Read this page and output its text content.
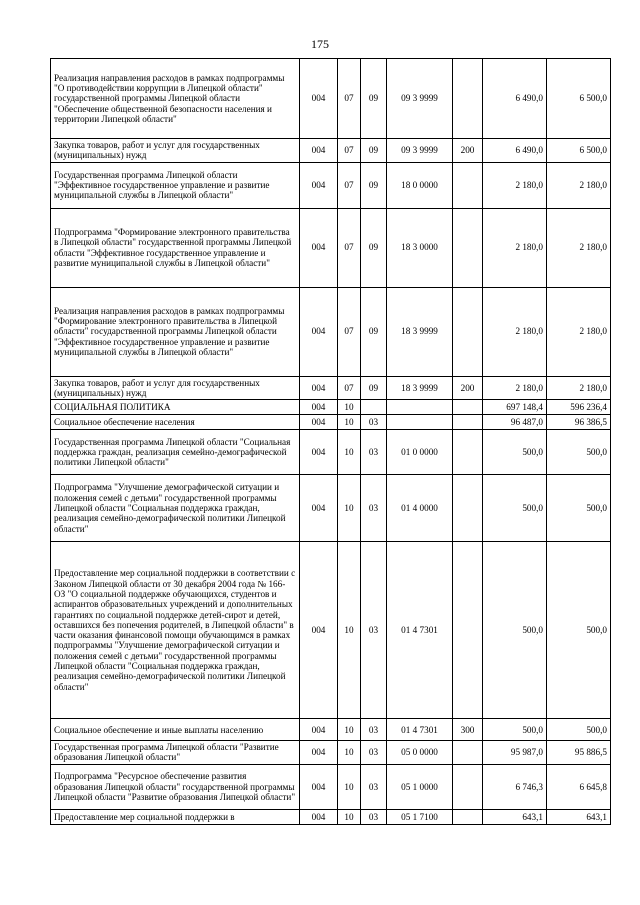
175
Реализация направления расходов в рамках подпрограммы "О противодействии коррупции в Липецкой области" государственной программы Липецкой области "Обеспечение общественной безопасности населения и территории Липецкой области"	004	07	09	09 3 9999		6 490,0	6 500,0
Закупка товаров, работ и услуг для государственных (муниципальных) нужд	004	07	09	09 3 9999	200	6 490,0	6 500,0
Государственная программа Липецкой области "Эффективное государственное управление и развитие муниципальной службы в Липецкой области"	004	07	09	18 0 0000		2 180,0	2 180,0
Подпрограмма "Формирование электронного правительства в Липецкой области" государственной программы Липецкой области "Эффективное государственное управление и развитие муниципальной службы в Липецкой области"	004	07	09	18 3 0000		2 180,0	2 180,0
Реализация направления расходов в рамках подпрограммы "Формирование электронного правительства в Липецкой области" государственной программы Липецкой области "Эффективное государственное управление и развитие муниципальной службы в Липецкой области"	004	07	09	18 3 9999		2 180,0	2 180,0
Закупка товаров, работ и услуг для государственных (муниципальных) нужд	004	07	09	18 3 9999	200	2 180,0	2 180,0
СОЦИАЛЬНАЯ ПОЛИТИКА	004	10				697 148,4	596 236,4
Социальное обеспечение населения	004	10	03			96 487,0	96 386,5
Государственная программа Липецкой области "Социальная поддержка граждан, реализация семейно-демографической политики Липецкой области"	004	10	03	01 0 0000		500,0	500,0
Подпрограмма "Улучшение демографической ситуации и положения семей с детьми" государственной программы Липецкой области "Социальная поддержка граждан, реализация семейно-демографической политики Липецкой области"	004	10	03	01 4 0000		500,0	500,0
Предоставление мер социальной поддержки в соответствии с Законом Липецкой области от 30 декабря 2004 года № 166-ОЗ "О социальной поддержке обучающихся, студентов и аспирантов образовательных учреждений и дополнительных гарантиях по социальной поддержке детей-сирот и детей, оставшихся без попечения родителей, в Липецкой области" в части оказания финансовой помощи обучающимся в рамках подпрограммы "Улучшение демографической ситуации и положения семей с детьми" государственной программы Липецкой области "Социальная поддержка граждан, реализация семейно-демографической политики Липецкой области"	004	10	03	01 4 7301		500,0	500,0
Социальное обеспечение и иные выплаты населению	004	10	03	01 4 7301	300	500,0	500,0
Государственная программа Липецкой области "Развитие образования Липецкой области"	004	10	03	05 0 0000		95 987,0	95 886,5
Подпрограмма "Ресурсное обеспечение развития образования Липецкой области" государственной программы Липецкой области "Развитие образования Липецкой области"	004	10	03	05 1 0000		6 746,3	6 645,8
Предоставление мер социальной поддержки в	004	10	03	05 1 7100		643,1	643,1
